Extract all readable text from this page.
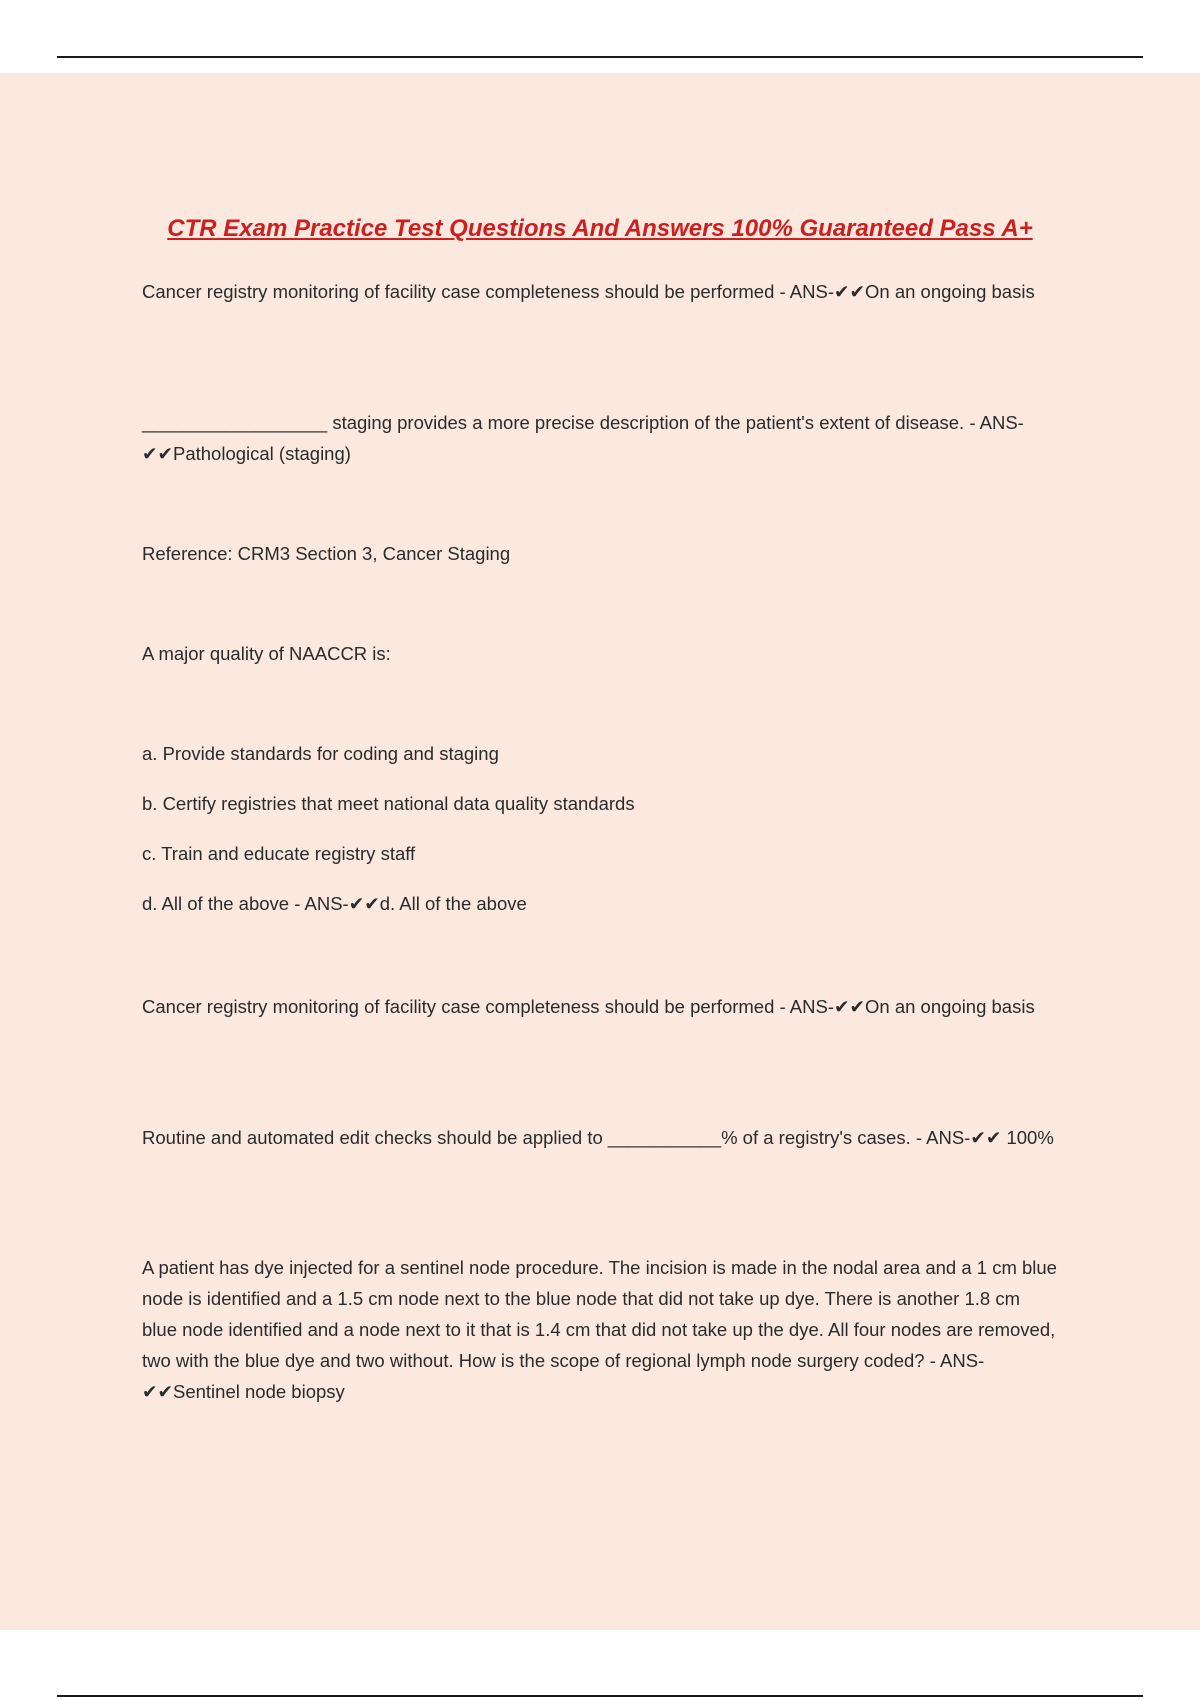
CTR Exam Practice Test Questions And Answers 100% Guaranteed Pass A+

Cancer registry monitoring of facility case completeness should be performed - ANS-✔✔On an ongoing basis

__________________ staging provides a more precise description of the patient's extent of disease. - ANS-✔✔Pathological (staging)

Reference: CRM3 Section 3, Cancer Staging

A major quality of NAACCR is:

a. Provide standards for coding and staging

b. Certify registries that meet national data quality standards

c. Train and educate registry staff

d. All of the above - ANS-✔✔d. All of the above

Cancer registry monitoring of facility case completeness should be performed - ANS-✔✔On an ongoing basis

Routine and automated edit checks should be applied to ___________% of a registry's cases. - ANS-✔✔ 100%

A patient has dye injected for a sentinel node procedure. The incision is made in the nodal area and a 1 cm blue node is identified and a 1.5 cm node next to the blue node that did not take up dye. There is another 1.8 cm blue node identified and a node next to it that is 1.4 cm that did not take up the dye. All four nodes are removed, two with the blue dye and two without. How is the scope of regional lymph node surgery coded? - ANS-✔✔Sentinel node biopsy
